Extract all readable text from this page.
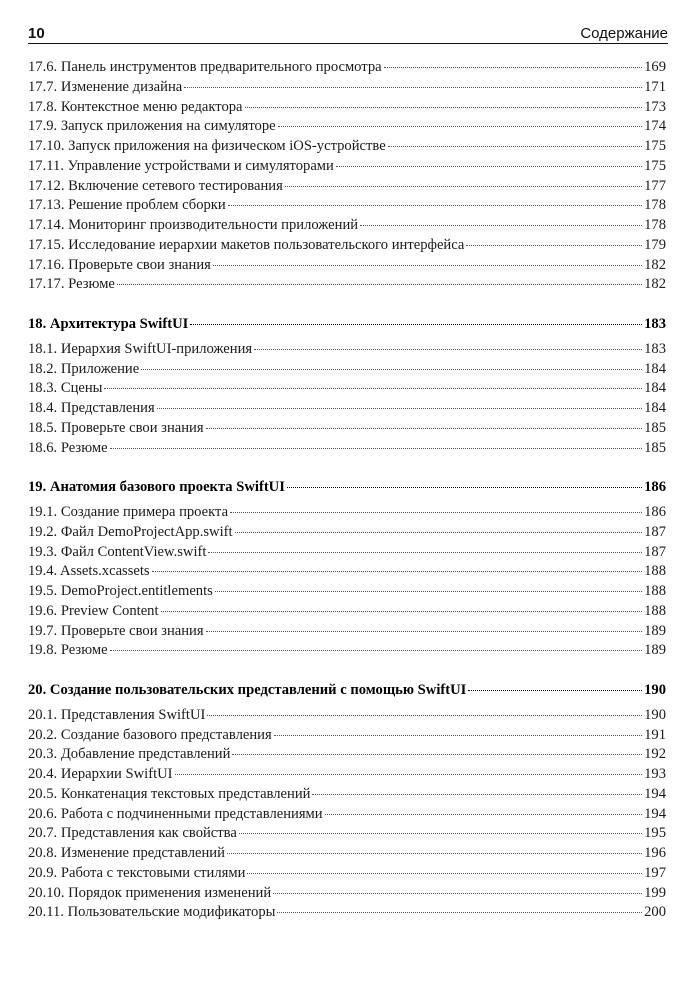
10	Содержание
17.6. Панель инструментов предварительного просмотра	169
17.7. Изменение дизайна	171
17.8. Контекстное меню редактора	173
17.9. Запуск приложения на симуляторе	174
17.10. Запуск приложения на физическом iOS-устройстве	175
17.11. Управление устройствами и симуляторами	175
17.12. Включение сетевого тестирования	177
17.13. Решение проблем сборки	178
17.14. Мониторинг производительности приложений	178
17.15. Исследование иерархии макетов пользовательского интерфейса	179
17.16. Проверьте свои знания	182
17.17. Резюме	182
18. Архитектура SwiftUI	183
18.1. Иерархия SwiftUI-приложения	183
18.2. Приложение	184
18.3. Сцены	184
18.4. Представления	184
18.5. Проверьте свои знания	185
18.6. Резюме	185
19. Анатомия базового проекта SwiftUI	186
19.1. Создание примера проекта	186
19.2. Файл DemoProjectApp.swift	187
19.3. Файл ContentView.swift	187
19.4. Assets.xcassets	188
19.5. DemoProject.entitlements	188
19.6. Preview Content	188
19.7. Проверьте свои знания	189
19.8. Резюме	189
20. Создание пользовательских представлений с помощью SwiftUI	190
20.1. Представления SwiftUI	190
20.2. Создание базового представления	191
20.3. Добавление представлений	192
20.4. Иерархии SwiftUI	193
20.5. Конкатенация текстовых представлений	194
20.6. Работа с подчиненными представлениями	194
20.7. Представления как свойства	195
20.8. Изменение представлений	196
20.9. Работа с текстовыми стилями	197
20.10. Порядок применения изменений	199
20.11. Пользовательские модификаторы	200
